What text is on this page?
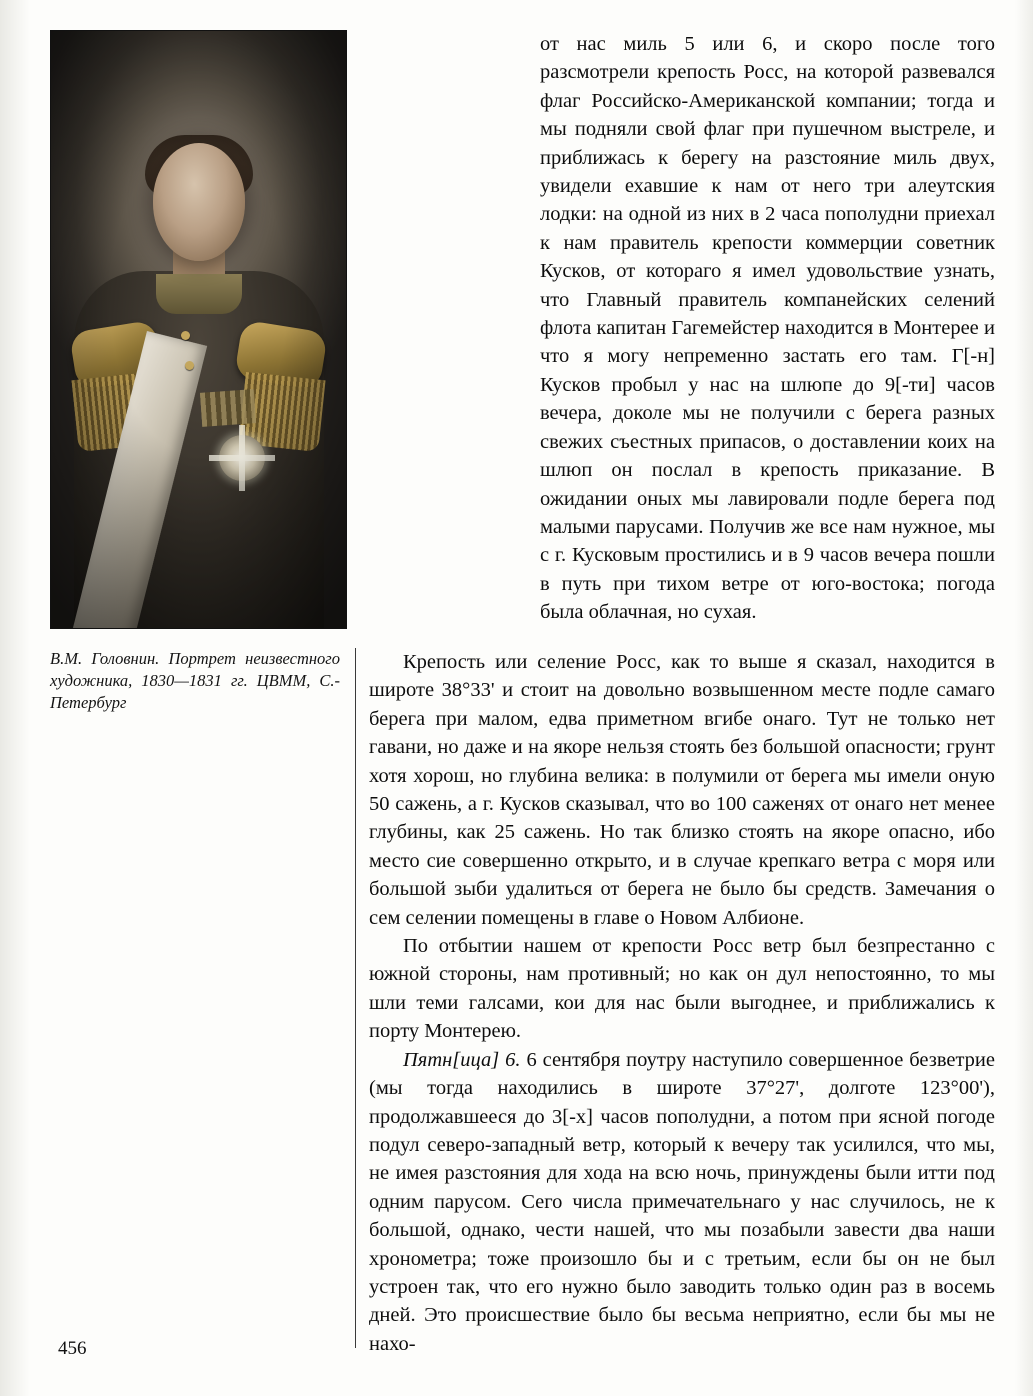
В.М. Головнин. Портрет неизвестного художника, 1830—1831 гг. ЦВММ, С.-Петербург

от нас миль 5 или 6, и скоро после того разсмотрели крепость Росс, на которой развевался флаг Российско-Американской компании; тогда и мы подняли свой флаг при пушечном выстреле, и приближась к берегу на разстояние миль двух, увидели ехавшие к нам от него три алеутския лодки: на одной из них в 2 часа пополудни приехал к нам правитель крепости коммерции советник Кусков, от котораго я имел удовольствие узнать, что Главный правитель компанейских селений флота капитан Гагемейстер находится в Монтерее и что я могу непременно застать его там. Г[-н] Кусков пробыл у нас на шлюпе до 9[-ти] часов вечера, доколе мы не получили с берега разных свежих съестных припасов, о доставлении коих на шлюп он послал в крепость приказание. В ожидании оных мы лавировали подле берега под малыми парусами. Получив же все нам нужное, мы с г. Кусковым простились и в 9 часов вечера пошли в путь при тихом ветре от юго-востока; погода была облачная, но сухая.

Крепость или селение Росс, как то выше я сказал, находится в широте 38°33' и стоит на довольно возвышенном месте подле самаго берега при малом, едва приметном вгибе онаго. Тут не только нет гавани, но даже и на якоре нельзя стоять без большой опасности; грунт хотя хорош, но глубина велика: в полумили от берега мы имели оную 50 сажень, а г. Кусков сказывал, что во 100 саженях от онаго нет менее глубины, как 25 сажень. Но так близко стоять на якоре опасно, ибо место сие совершенно открыто, и в случае крепкаго ветра с моря или большой зыби удалиться от берега не было бы средств. Замечания о сем селении помещены в главе о Новом Албионе.

По отбытии нашем от крепости Росс ветр был безпрестанно с южной стороны, нам противный; но как он дул непостоянно, то мы шли теми галсами, кои для нас были выгоднее, и приближались к порту Монтерею.

Пятн[ица] 6. 6 сентября поутру наступило совершенное безветрие (мы тогда находились в широте 37°27', долготе 123°00'), продолжавшееся до 3[-х] часов пополудни, а потом при ясной погоде подул северо-западный ветр, который к вечеру так усилился, что мы, не имея разстояния для хода на всю ночь, принуждены были итти под одним парусом. Сего числа примечательнаго у нас случилось, не к большой, однако, чести нашей, что мы позабыли завести два наши хронометра; тоже произошло бы и с третьим, если бы он не был устроен так, что его нужно было заводить только один раз в восемь дней. Это происшествие было бы весьма неприятно, если бы мы не нахо-

456
